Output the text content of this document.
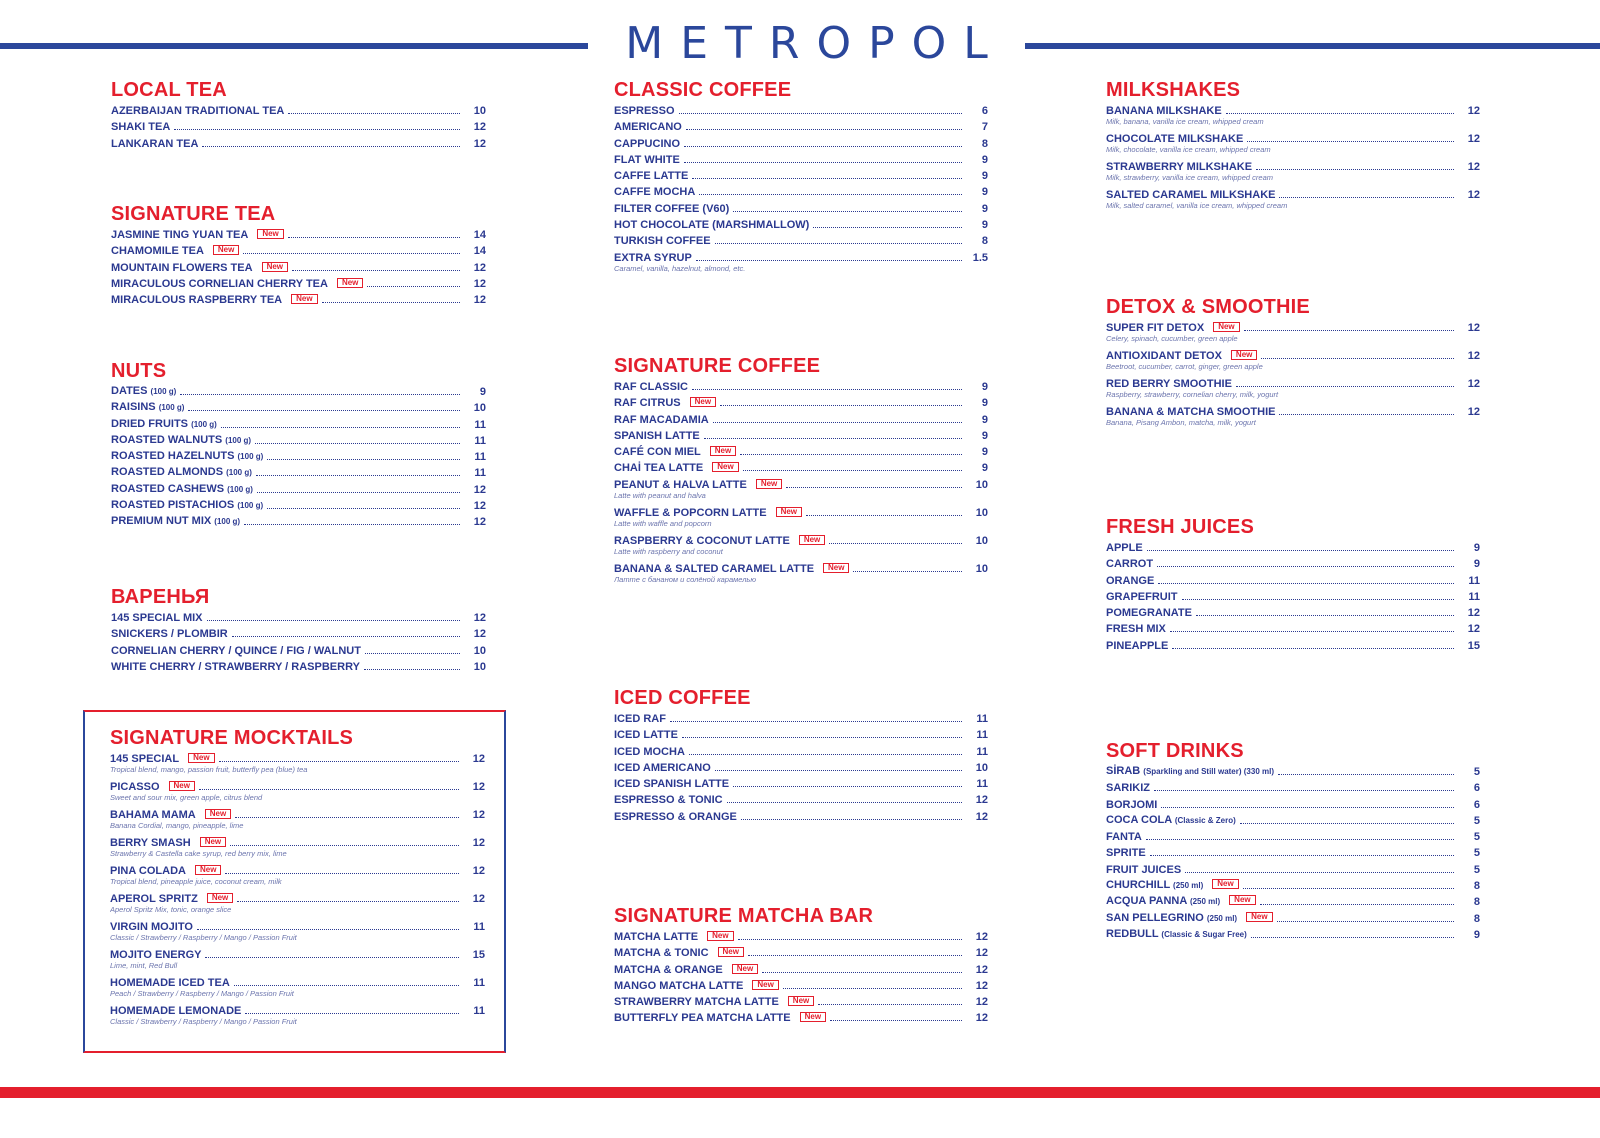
METROPOL
LOCAL TEA
AZERBAIJAN TRADITIONAL TEA	10
SHAKI TEA	12
LANKARAN TEA	12
SIGNATURE TEA
JASMINE TING YUAN TEA New	14
CHAMOMILE TEA New	14
MOUNTAIN FLOWERS TEA New	12
MIRACULOUS CORNELIAN CHERRY TEA New	12
MIRACULOUS RASPBERRY TEA New	12
NUTS
DATES (100 g)	9
RAISINS (100 g)	10
DRIED FRUITS (100 g)	11
ROASTED WALNUTS (100 g)	11
ROASTED HAZELNUTS (100 g)	11
ROASTED ALMONDS (100 g)	11
ROASTED CASHEWS (100 g)	12
ROASTED PISTACHIOS (100 g)	12
PREMIUM NUT MIX (100 g)	12
ВАРЕНЬЯ
145 SPECIAL MIX	12
SNICKERS / PLOMBIR	12
CORNELIAN CHERRY / QUINCE / FIG / WALNUT	10
WHITE CHERRY / STRAWBERRY / RASPBERRY	10
SIGNATURE MOCKTAILS
145 SPECIAL New	12
Tropical blend, mango, passion fruit, butterfly pea (blue) tea
PICASSO New	12
Sweet and sour mix, green apple, citrus blend
BAHAMA MAMA New	12
Banana Cordial, mango, pineapple, lime
BERRY SMASH New	12
Strawberry & Castella cake syrup, red berry mix, lime
PINA COLADA New	12
Tropical blend, pineapple juice, coconut cream, milk
APEROL SPRITZ New	12
Aperol Spritz Mix, tonic, orange slice
VIRGIN MOJITO	11
Classic / Strawberry / Raspberry / Mango / Passion Fruit
MOJITO ENERGY	15
Lime, mint, Red Bull
HOMEMADE ICED TEA	11
Peach / Strawberry / Raspberry / Mango / Passion Fruit
HOMEMADE LEMONADE	11
Classic / Strawberry / Raspberry / Mango / Passion Fruit
CLASSIC COFFEE
ESPRESSO	6
AMERICANO	7
CAPPUCINO	8
FLAT WHITE	9
CAFFE LATTE	9
CAFFE MOCHA	9
FILTER COFFEE (V60)	9
HOT CHOCOLATE (MARSHMALLOW)	9
TURKISH COFFEE	8
EXTRA SYRUP	1.5
Caramel, vanilla, hazelnut, almond, etc.
SIGNATURE COFFEE
RAF CLASSIC	9
RAF CITRUS New	9
RAF MACADAMIA	9
SPANISH LATTE	9
CAFÉ CON MIEL New	9
CHAİ TEA LATTE New	9
PEANUT & HALVA LATTE New	10
Latte with peanut and halva
WAFFLE & POPCORN LATTE New	10
Latte with waffle and popcorn
RASPBERRY & COCONUT LATTE New	10
Latte with raspberry and coconut
BANANA & SALTED CARAMEL LATTE New	10
Латте с бананом и солёной карамелью
ICED COFFEE
ICED RAF	11
ICED LATTE	11
ICED MOCHA	11
ICED AMERICANO	10
ICED SPANISH LATTE	11
ESPRESSO & TONIC	12
ESPRESSO & ORANGE	12
SIGNATURE MATCHA BAR
MATCHA LATTE New	12
MATCHA & TONIC New	12
MATCHA & ORANGE New	12
MANGO MATCHA LATTE New	12
STRAWBERRY MATCHA LATTE New	12
BUTTERFLY PEA MATCHA LATTE New	12
MILKSHAKES
BANANA MILKSHAKE	12
Milk, banana, vanilla ice cream, whipped cream
CHOCOLATE MILKSHAKE	12
Milk, chocolate, vanilla ice cream, whipped cream
STRAWBERRY MILKSHAKE	12
Milk, strawberry, vanilla ice cream, whipped cream
SALTED CARAMEL MILKSHAKE	12
Milk, salted caramel, vanilla ice cream, whipped cream
DETOX & SMOOTHIE
SUPER FIT DETOX New	12
Celery, spinach, cucumber, green apple
ANTIOXIDANT DETOX New	12
Beetroot, cucumber, carrot, ginger, green apple
RED BERRY SMOOTHIE	12
Raspberry, strawberry, cornelian cherry, milk, yogurt
BANANA & MATCHA SMOOTHIE	12
Banana, Pisang Ambon, matcha, milk, yogurt
FRESH JUICES
APPLE	9
CARROT	9
ORANGE	11
GRAPEFRUIT	11
POMEGRANATE	12
FRESH MIX	12
PINEAPPLE	15
SOFT DRINKS
SİRAB (Sparkling and Still water) (330 ml)	5
SARIKIZ	6
BORJOMI	6
COCA COLA (Classic & Zero)	5
FANTA	5
SPRITE	5
FRUIT JUICES	5
CHURCHILL (250 ml) New	8
ACQUA PANNA (250 ml) New	8
SAN PELLEGRINO (250 ml) New	8
REDBULL (Classic & Sugar Free)	9
